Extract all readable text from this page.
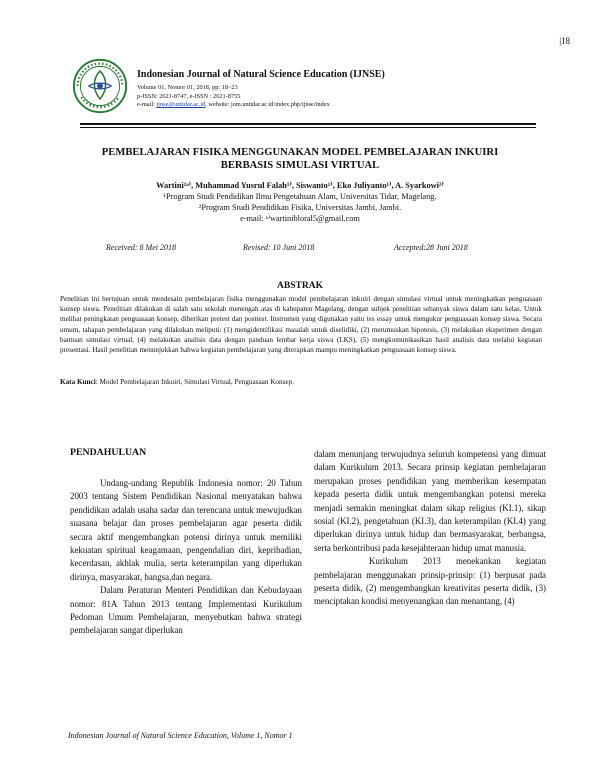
|18
Indonesian Journal of Natural Science Education (IJNSE)
Volume 01, Nomor 01, 2018, pp: 18~23
p-ISSN: 2621-8747, e-ISSN : 2621-8755
e-mail: ijnse@untidar.ac.id, website: jom.untidar.ac.id/index.php/ijnse/index
PEMBELAJARAN FISIKA MENGGUNAKAN MODEL PEMBELAJARAN INKUIRI
BERBASIS SIMULASI VIRTUAL
Wartini¹ᵃ⁾, Muhammad Yusrul Falah¹⁾, Siswanto¹⁾, Eko Juliyanto¹⁾, A. Syarkowi²⁾
¹Program Studi Pendidikan Ilmu Pengetahuan Alam, Universitas Tidar, Magelang.
²Program Studi Pendidikan Fisika, Universitas Jambi, Jambi.
e-mail: ᵃ⁾wartinibloral5@gmail.com
Received: 8 Mei 2018	Revised: 10 Juni 2018	Accepted:28 Juni 2018
ABSTRAK
Penelitian ini bertujuan untuk mendesain pembelajaran fisika menggunakan model pembelajaran inkuiri dengan simulasi virtual untuk meningkatkan penguasaan konsep siswa. Penelitian dilakukan di salah satu sekolah menengah atas di kabupaten Magelang, dengan subjek penelitian sebanyak siswa dalam satu kelas. Untuk melihat peningkatan penguasaan konsep, diberikan pretest dan posttest. Instrumen yang digunakan yaitu tes essay untuk mengukur penguasaan konsep siswa. Secara umum, tahapan pembelajaran yang dilakukan meliputi: (1) mengidentifikasi masalah untuk diselidiki, (2) merumuskan hipotesis, (3) melakukan eksperimen dengan bantuan simulasi virtual, (4) melakukan analisis data dengan panduan lembar kerja siswa (LKS), (5) mengkomunikasikan hasil analisis data melalui kegiatan presentasi. Hasil penelitian menunjukkan bahwa kegiatan pembelajaran yang diterapkan mampu meningkatkan penguasaan konsep siswa.
Kata Kunci: Model Pembelajaran Inkuiri, Simulasi Virtual, Penguasaan Konsep.
PENDAHULUAN

Undang-undang Republik Indonesia nomor: 20 Tahun 2003 tentang Sistem Pendidikan Nasional menyatakan bahwa pendidikan adalah usaha sadar dan terencana untuk mewujudkan suasana belajar dan proses pembelajaran agar peserta didik secara aktif mengembangkan potensi dirinya untuk memiliki kekuatan spiritual keagamaan, pengendalian diri, kepribadian, kecerdasan, akhlak mulia, serta keterampilan yang diperlukan dirinya, masyarakat, bangsa,dan negara.

Dalam Peraturan Menteri Pendidikan dan Kebudayaan nomor: 81A Tahun 2013 tentang Implementasi Kurikulum Pedoman Umum Pembelajaran, menyebutkan bahwa strategi pembelajaran sangat diperlukan

dalam menunjang terwujudnya seluruh kompetensi yang dimuat dalam Kurikulum 2013. Secara prinsip kegiatan pembelajaran merupakan proses pendidikan yang memberikan kesempatan kepada peserta didik untuk mengembangkan potensi mereka menjadi semakin meningkat dalam sikap religius (KI.1), sikap sosial (KI.2), pengetahuan (KI.3), dan keterampilan (KI.4) yang diperlukan dirinya untuk hidup dan bermasyarakat, berbangsa, serta berkontribusi pada kesejahteraan hidup umat manusia.

Kurikulum 2013 menekankan kegiatan pembelajaran menggunakan prinsip-prinsip: (1) berpusat pada peserta didik, (2) mengembangkan kreativitas peserta didik, (3) menciptakan kondisi menyenangkan dan menantang, (4)

Indonesian Journal of Natural Science Education, Volume 1, Nomor 1
